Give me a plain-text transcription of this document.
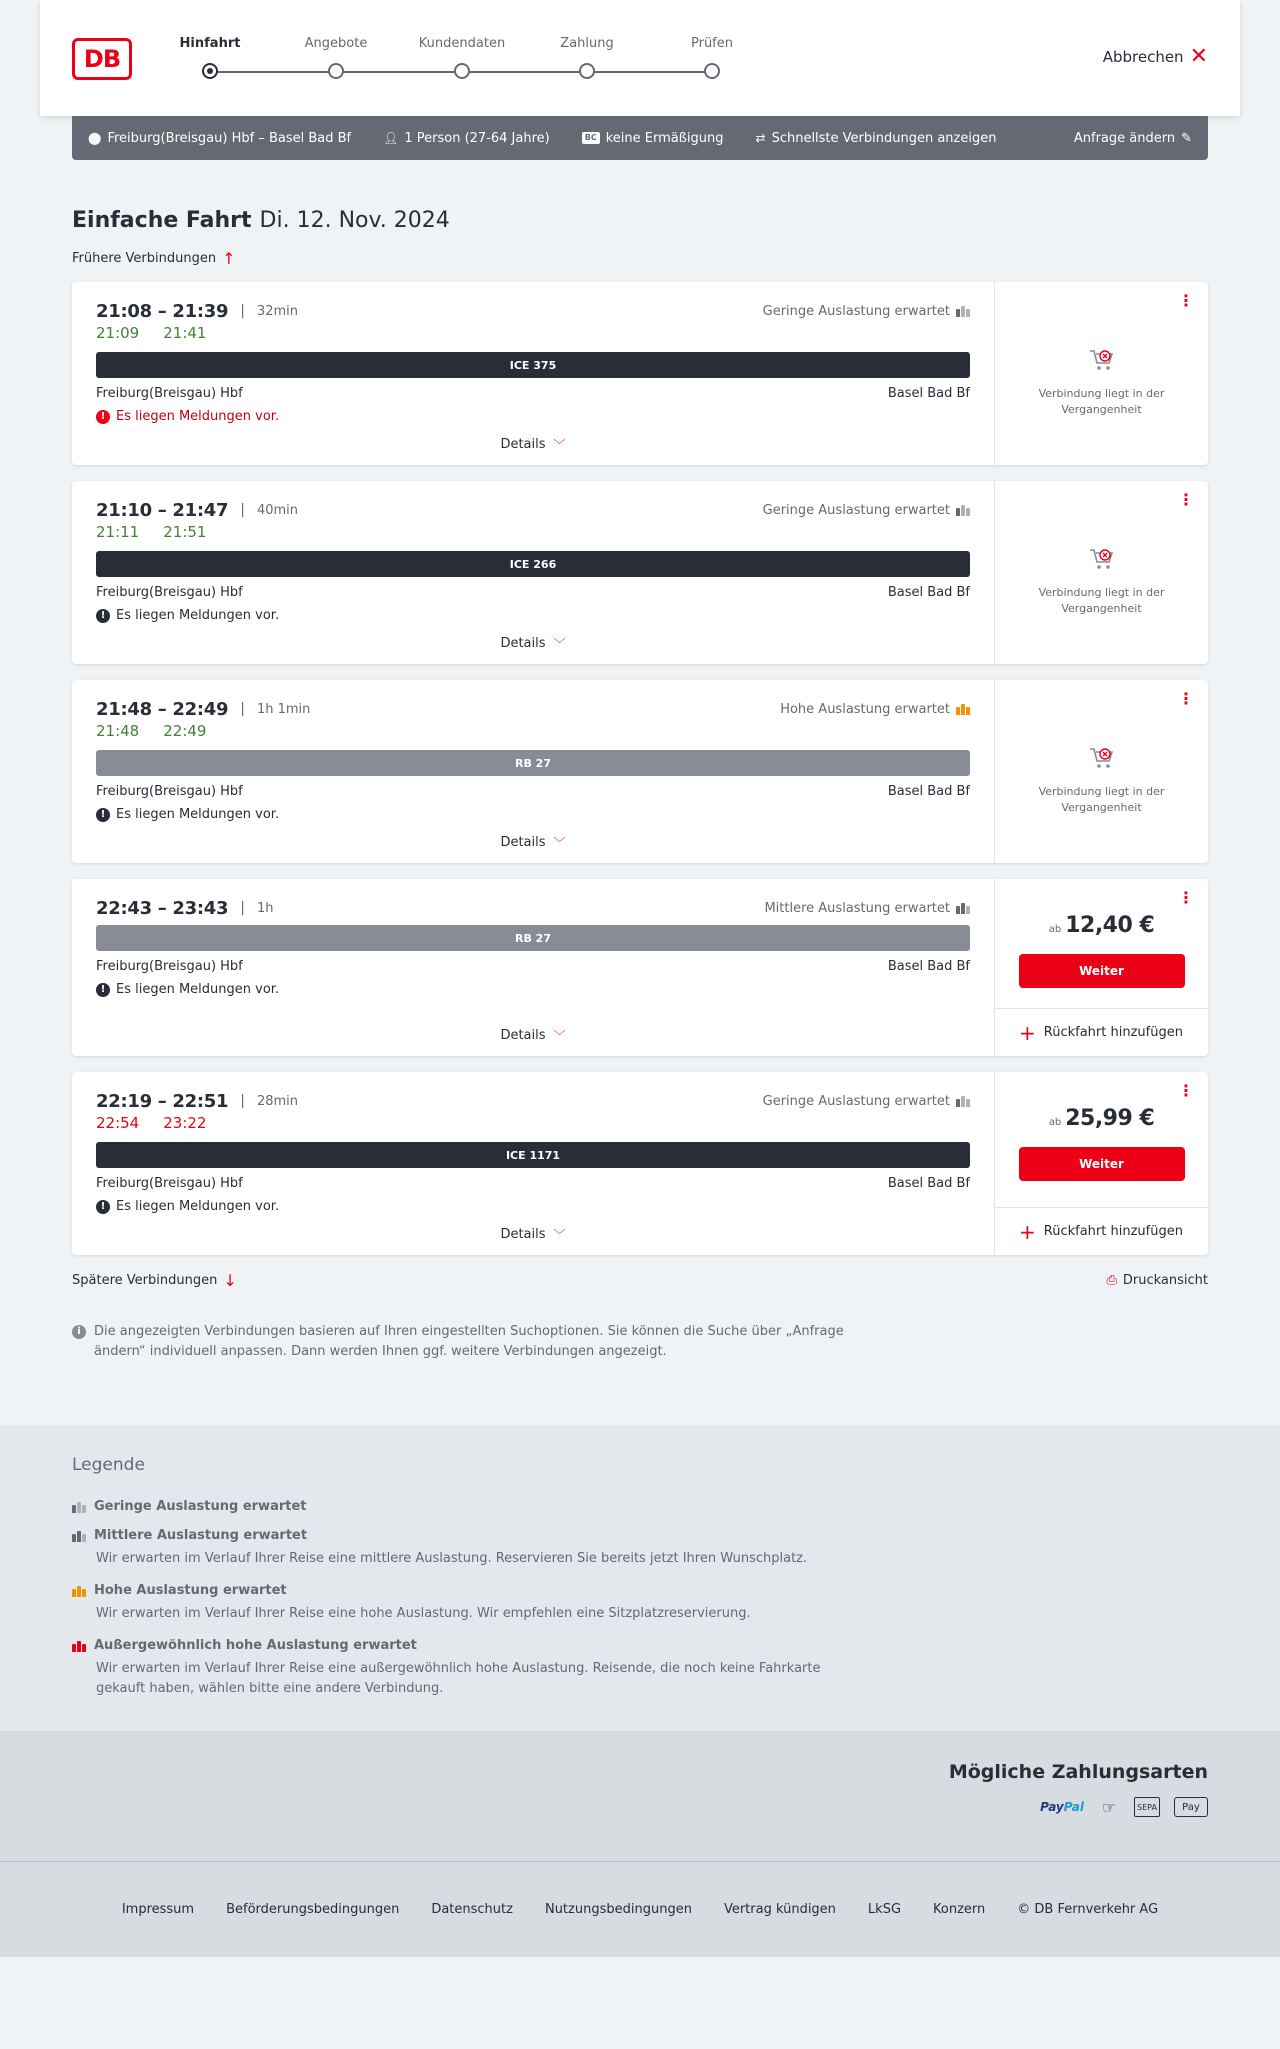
DB
Hinfahrt	Angebote	Kundendaten	Zahlung	Prüfen
Abbrechen ✕
⬤ Freiburg(Breisgau) Hbf – Basel Bad Bf	👤︎ 1 Person (27-64 Jahre)	BC keine Ermäßigung	⇄ Schnellste Verbindungen anzeigen	Anfrage ändern ✎
Einfache Fahrt Di. 12. Nov. 2024
Frühere Verbindungen ↑
21:08 – 21:39 | 32min	Geringe Auslastung erwartet
21:09 21:41
ICE 375
Freiburg(Breisgau) Hbf	Basel Bad Bf
! Es liegen Meldungen vor.
Details ﹀
⋮
Verbindung liegt in der Vergangenheit
21:10 – 21:47 | 40min	Geringe Auslastung erwartet
21:11 21:51
ICE 266
Freiburg(Breisgau) Hbf	Basel Bad Bf
! Es liegen Meldungen vor.
Details ﹀
⋮
Verbindung liegt in der Vergangenheit
21:48 – 22:49 | 1h 1min	Hohe Auslastung erwartet
21:48 22:49
RB 27
Freiburg(Breisgau) Hbf	Basel Bad Bf
! Es liegen Meldungen vor.
Details ﹀
⋮
Verbindung liegt in der Vergangenheit
22:43 – 23:43 | 1h	Mittlere Auslastung erwartet
RB 27
Freiburg(Breisgau) Hbf	Basel Bad Bf
! Es liegen Meldungen vor.
Details ﹀
⋮
ab 12,40 €
Weiter
+ Rückfahrt hinzufügen
22:19 – 22:51 | 28min	Geringe Auslastung erwartet
22:54 23:22
ICE 1171
Freiburg(Breisgau) Hbf	Basel Bad Bf
! Es liegen Meldungen vor.
Details ﹀
⋮
ab 25,99 €
Weiter
+ Rückfahrt hinzufügen
Spätere Verbindungen ↓	⎙ Druckansicht
i	Die angezeigten Verbindungen basieren auf Ihren eingestellten Suchoptionen. Sie können die Suche über „Anfrage ändern“ individuell anpassen. Dann werden Ihnen ggf. weitere Verbindungen angezeigt.
Legende
Geringe Auslastung erwartet
Mittlere Auslastung erwartet
Wir erwarten im Verlauf Ihrer Reise eine mittlere Auslastung. Reservieren Sie bereits jetzt Ihren Wunschplatz.
Hohe Auslastung erwartet
Wir erwarten im Verlauf Ihrer Reise eine hohe Auslastung. Wir empfehlen eine Sitzplatzreservierung.
Außergewöhnlich hohe Auslastung erwartet
Wir erwarten im Verlauf Ihrer Reise eine außergewöhnlich hohe Auslastung. Reisende, die noch keine Fahrkarte gekauft haben, wählen bitte eine andere Verbindung.
Mögliche Zahlungsarten
Pay Pal ☞	SEPA	Pay
Impressum Beförderungsbedingungen Datenschutz Nutzungsbedingungen Vertrag kündigen LkSG Konzern © DB Fernverkehr AG
